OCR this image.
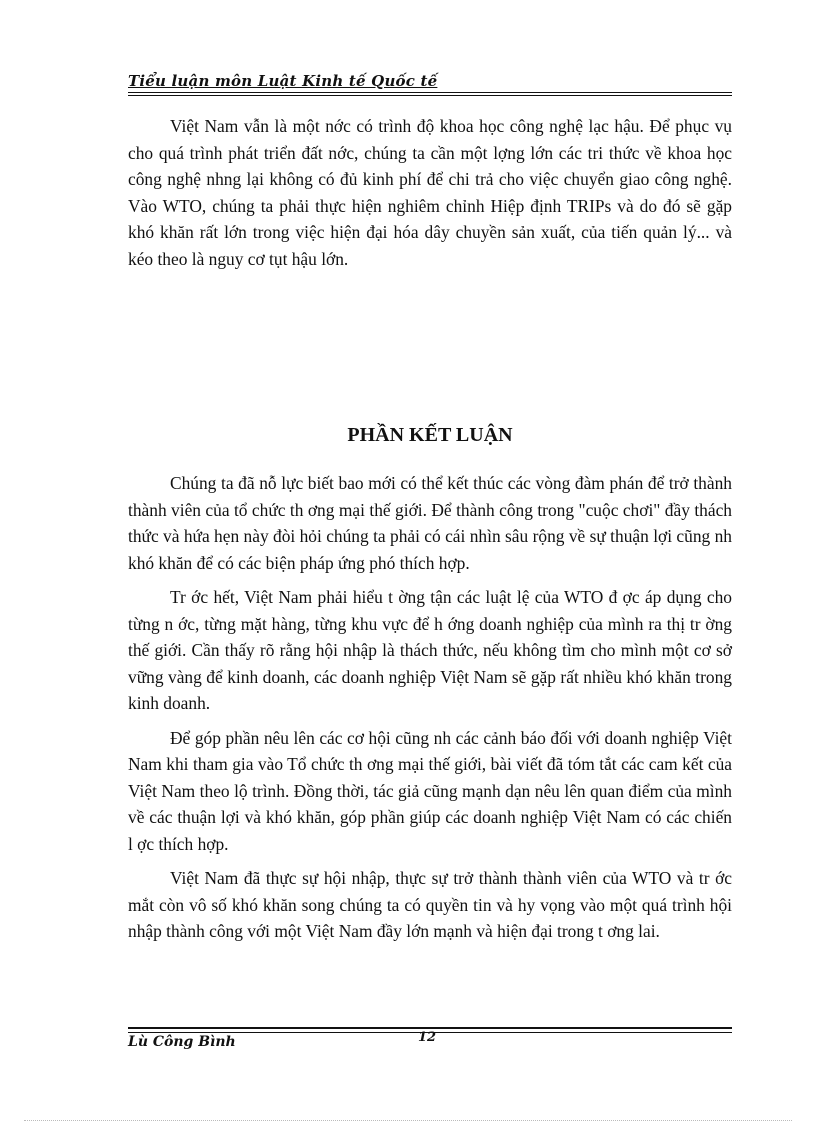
Tiểu luận môn Luật Kinh tế Quốc tế

Việt Nam vẫn là một nớc có trình độ khoa học công nghệ lạc hậu. Để phục vụ cho quá trình phát triển đất nớc, chúng ta cần một lợng lớn các tri thức về khoa học công nghệ nhng lại không có đủ kinh phí để chi trả cho việc chuyển giao công nghệ. Vào WTO, chúng ta phải thực hiện nghiêm chỉnh Hiệp định TRIPs và do đó sẽ gặp khó khăn rất lớn trong việc hiện đại hóa dây chuyền sản xuất, của tiến quản lý... và kéo theo là nguy cơ tụt hậu lớn.

PHẦN KẾT LUẬN

Chúng ta đã nỗ lực biết bao mới có thể kết thúc các vòng đàm phán để trở thành thành viên của tổ chức th ơng mại thế giới. Để thành công trong "cuộc chơi" đầy thách thức và hứa hẹn này đòi hỏi chúng ta phải có cái nhìn sâu rộng về sự thuận lợi cũng nh khó khăn để có các biện pháp ứng phó thích hợp.

Tr ớc hết, Việt Nam phải hiểu t ờng tận các luật lệ của WTO đ ợc áp dụng cho từng n ớc, từng mặt hàng, từng khu vực để h ớng doanh nghiệp của mình ra thị tr ờng thế giới. Cần thấy rõ rằng hội nhập là thách thức, nếu không tìm cho mình một cơ sở vững vàng để kinh doanh, các doanh nghiệp Việt Nam sẽ gặp rất nhiều khó khăn trong kinh doanh.

Để góp phần nêu lên các cơ hội cũng nh các cảnh báo đối với doanh nghiệp Việt Nam khi tham gia vào Tổ chức th ơng mại thế giới, bài viết đã tóm tắt các cam kết của Việt Nam theo lộ trình. Đồng thời, tác giả cũng mạnh dạn nêu lên quan điểm của mình về các thuận lợi và khó khăn, góp phần giúp các doanh nghiệp Việt Nam có các chiến l ợc thích hợp.

Việt Nam đã thực sự hội nhập, thực sự trở thành thành viên của WTO và tr ớc mắt còn vô số khó khăn song chúng ta có quyền tin và hy vọng vào một quá trình hội nhập thành công với một Việt Nam đầy lớn mạnh và hiện đại trong t ơng lai.

Lù Công Bình	12
